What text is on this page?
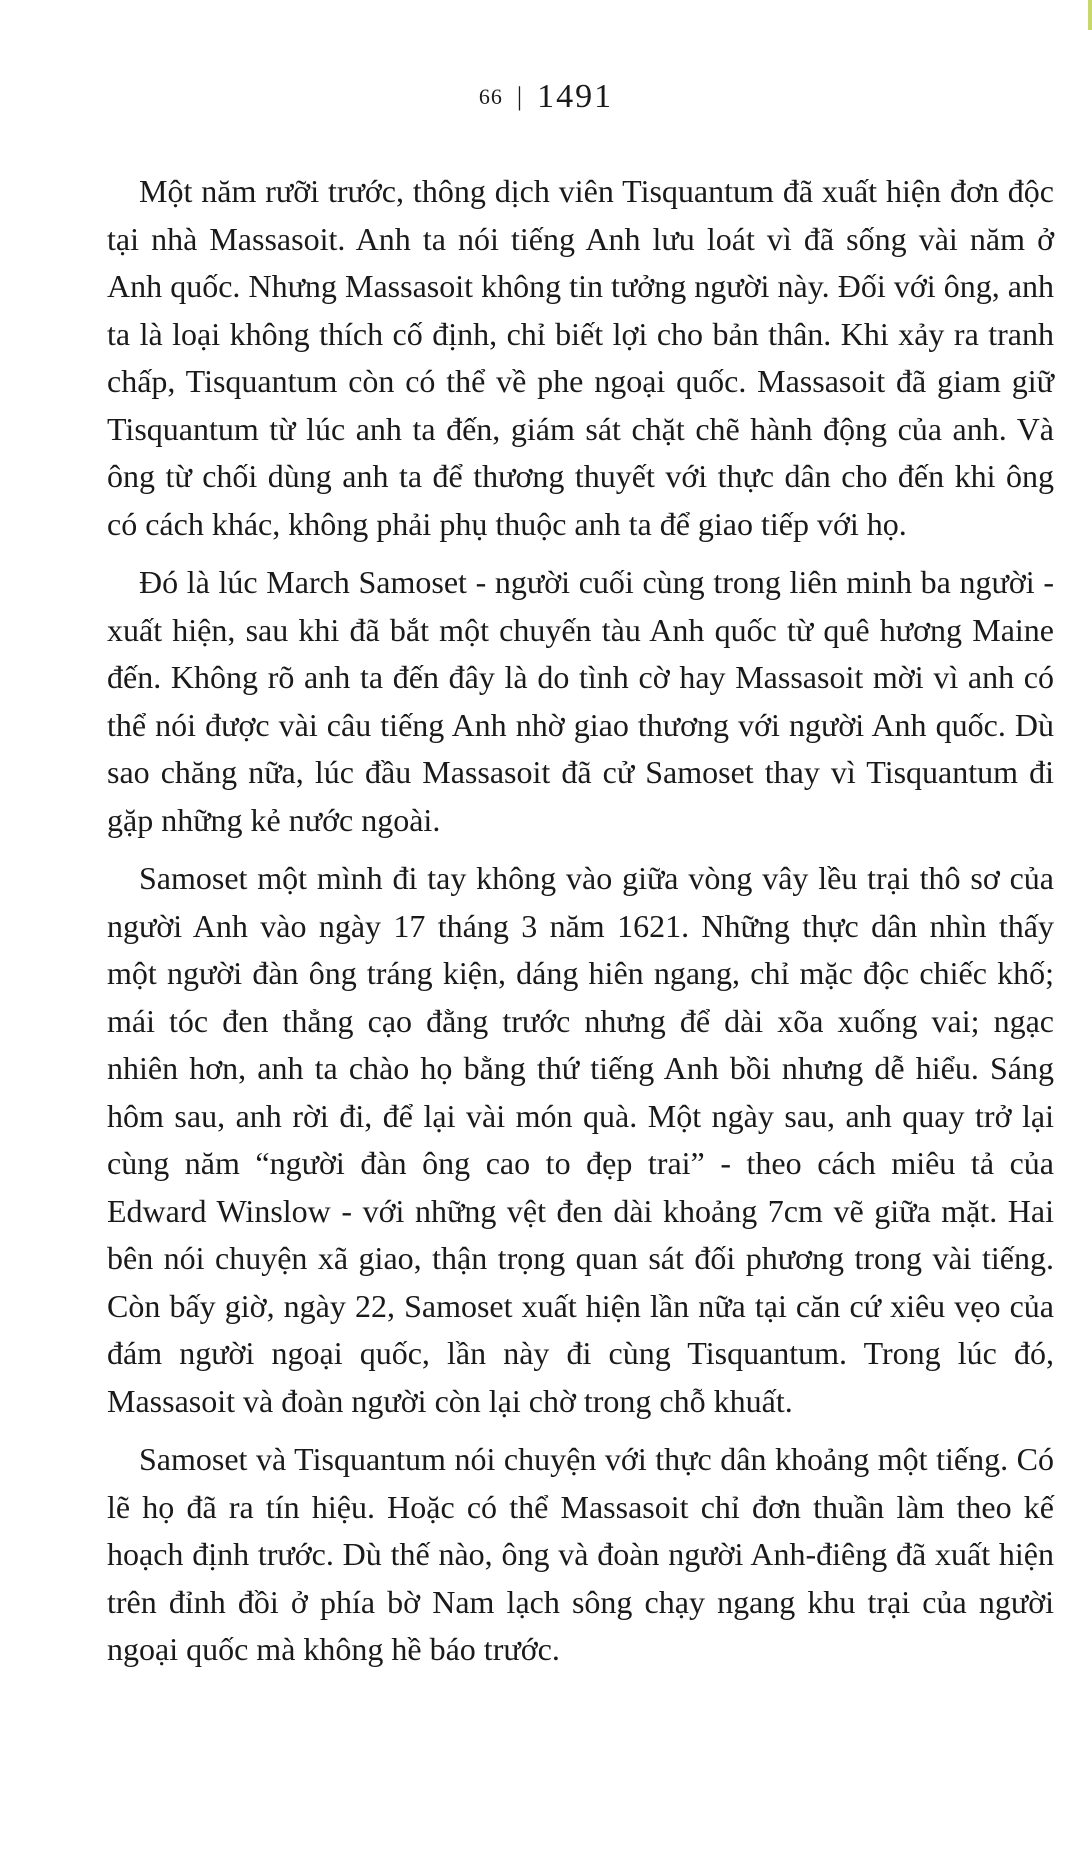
66 | 1491

Một năm rưỡi trước, thông dịch viên Tisquantum đã xuất hiện đơn độc tại nhà Massasoit. Anh ta nói tiếng Anh lưu loát vì đã sống vài năm ở Anh quốc. Nhưng Massasoit không tin tưởng người này. Đối với ông, anh ta là loại không thích cố định, chỉ biết lợi cho bản thân. Khi xảy ra tranh chấp, Tisquantum còn có thể về phe ngoại quốc. Massasoit đã giam giữ Tisquantum từ lúc anh ta đến, giám sát chặt chẽ hành động của anh. Và ông từ chối dùng anh ta để thương thuyết với thực dân cho đến khi ông có cách khác, không phải phụ thuộc anh ta để giao tiếp với họ.

Đó là lúc March Samoset - người cuối cùng trong liên minh ba người - xuất hiện, sau khi đã bắt một chuyến tàu Anh quốc từ quê hương Maine đến. Không rõ anh ta đến đây là do tình cờ hay Massasoit mời vì anh có thể nói được vài câu tiếng Anh nhờ giao thương với người Anh quốc. Dù sao chăng nữa, lúc đầu Massasoit đã cử Samoset thay vì Tisquantum đi gặp những kẻ nước ngoài.

Samoset một mình đi tay không vào giữa vòng vây lều trại thô sơ của người Anh vào ngày 17 tháng 3 năm 1621. Những thực dân nhìn thấy một người đàn ông tráng kiện, dáng hiên ngang, chỉ mặc độc chiếc khố; mái tóc đen thẳng cạo đằng trước nhưng để dài xõa xuống vai; ngạc nhiên hơn, anh ta chào họ bằng thứ tiếng Anh bồi nhưng dễ hiểu. Sáng hôm sau, anh rời đi, để lại vài món quà. Một ngày sau, anh quay trở lại cùng năm “người đàn ông cao to đẹp trai” - theo cách miêu tả của Edward Winslow - với những vệt đen dài khoảng 7cm vẽ giữa mặt. Hai bên nói chuyện xã giao, thận trọng quan sát đối phương trong vài tiếng. Còn bấy giờ, ngày 22, Samoset xuất hiện lần nữa tại căn cứ xiêu vẹo của đám người ngoại quốc, lần này đi cùng Tisquantum. Trong lúc đó, Massasoit và đoàn người còn lại chờ trong chỗ khuất.

Samoset và Tisquantum nói chuyện với thực dân khoảng một tiếng. Có lẽ họ đã ra tín hiệu. Hoặc có thể Massasoit chỉ đơn thuần làm theo kế hoạch định trước. Dù thế nào, ông và đoàn người Anh-điêng đã xuất hiện trên đỉnh đồi ở phía bờ Nam lạch sông chạy ngang khu trại của người ngoại quốc mà không hề báo trước.
